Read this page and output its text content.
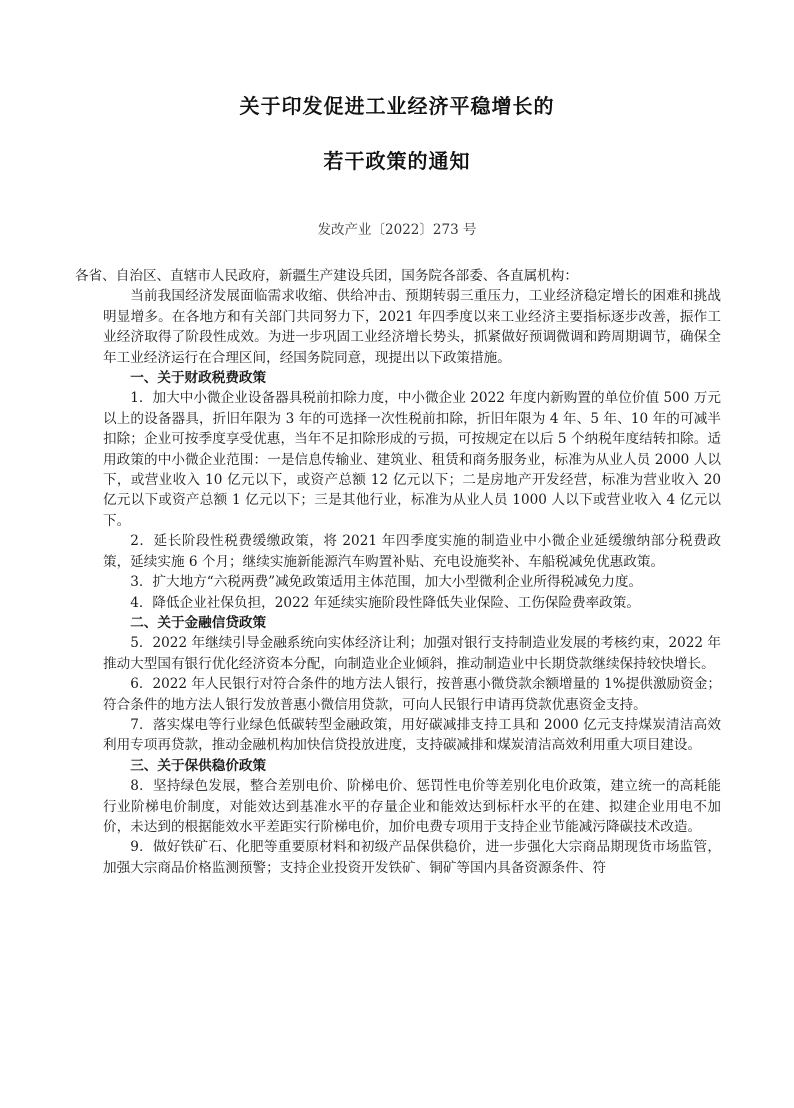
关于印发促进工业经济平稳增长的
若干政策的通知
发改产业〔2022〕273 号

各省、自治区、直辖市人民政府，新疆生产建设兵团，国务院各部委、各直属机构：

当前我国经济发展面临需求收缩、供给冲击、预期转弱三重压力，工业经济稳定增长的困难和挑战明显增多。在各地方和有关部门共同努力下，2021 年四季度以来工业经济主要指标逐步改善，振作工业经济取得了阶段性成效。为进一步巩固工业经济增长势头，抓紧做好预调微调和跨周期调节，确保全年工业经济运行在合理区间，经国务院同意，现提出以下政策措施。

一、关于财政税费政策

1．加大中小微企业设备器具税前扣除力度，中小微企业 2022 年度内新购置的单位价值 500 万元以上的设备器具，折旧年限为 3 年的可选择一次性税前扣除，折旧年限为 4 年、5 年、10 年的可减半扣除；企业可按季度享受优惠，当年不足扣除形成的亏损，可按规定在以后 5 个纳税年度结转扣除。适用政策的中小微企业范围：一是信息传输业、建筑业、租赁和商务服务业，标准为从业人员 2000 人以下，或营业收入 10 亿元以下，或资产总额 12 亿元以下；二是房地产开发经营，标准为营业收入 20 亿元以下或资产总额 1 亿元以下；三是其他行业，标准为从业人员 1000 人以下或营业收入 4 亿元以下。

2．延长阶段性税费缓缴政策，将 2021 年四季度实施的制造业中小微企业延缓缴纳部分税费政策，延续实施 6 个月；继续实施新能源汽车购置补贴、充电设施奖补、车船税减免优惠政策。

3．扩大地方“六税两费”减免政策适用主体范围，加大小型微利企业所得税减免力度。

4．降低企业社保负担，2022 年延续实施阶段性降低失业保险、工伤保险费率政策。

二、关于金融信贷政策

5．2022 年继续引导金融系统向实体经济让利；加强对银行支持制造业发展的考核约束，2022 年推动大型国有银行优化经济资本分配，向制造业企业倾斜，推动制造业中长期贷款继续保持较快增长。

6．2022 年人民银行对符合条件的地方法人银行，按普惠小微贷款余额增量的 1%提供激励资金；符合条件的地方法人银行发放普惠小微信用贷款，可向人民银行申请再贷款优惠资金支持。

7．落实煤电等行业绿色低碳转型金融政策，用好碳减排支持工具和 2000 亿元支持煤炭清洁高效利用专项再贷款，推动金融机构加快信贷投放进度，支持碳减排和煤炭清洁高效利用重大项目建设。

三、关于保供稳价政策

8．坚持绿色发展，整合差别电价、阶梯电价、惩罚性电价等差别化电价政策，建立统一的高耗能行业阶梯电价制度，对能效达到基准水平的存量企业和能效达到标杆水平的在建、拟建企业用电不加价，未达到的根据能效水平差距实行阶梯电价，加价电费专项用于支持企业节能减污降碳技术改造。

9．做好铁矿石、化肥等重要原材料和初级产品保供稳价，进一步强化大宗商品期现货市场监管，加强大宗商品价格监测预警；支持企业投资开发铁矿、铜矿等国内具备资源条件、符
